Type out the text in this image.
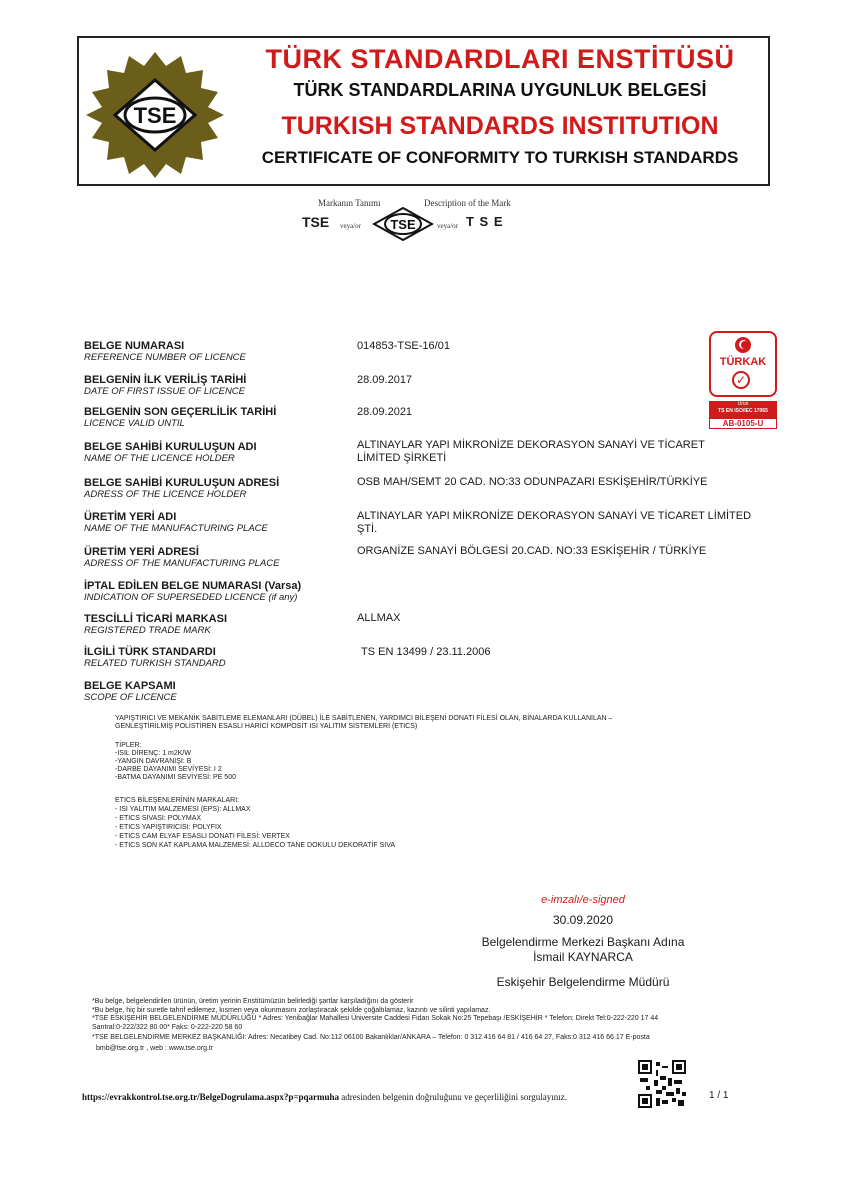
TSE
TÜRK STANDARDLARI ENSTİTÜSÜ
TÜRK STANDARDLARINA UYGUNLUK BELGESİ
TURKISH STANDARDS INSTITUTION
CERTIFICATE OF CONFORMITY TO TURKISH STANDARDS
Markanın Tanımı	Description of the Mark
TSE veya/or TSE	veya/or T S E
TÜRKAK
✓
Ürün
TS EN ISO/IEC 17065
AB-0105-U
BELGE NUMARASI
REFERENCE NUMBER OF LICENCE
014853-TSE-16/01
BELGENİN İLK VERİLİŞ TARİHİ
DATE OF FIRST ISSUE OF LICENCE
28.09.2017
BELGENİN SON GEÇERLİLİK TARİHİ
LICENCE VALID UNTIL
28.09.2021
BELGE SAHİBİ KURULUŞUN ADI
NAME OF THE LICENCE HOLDER
ALTINAYLAR YAPI MİKRONİZE DEKORASYON SANAYİ VE TİCARET LİMİTED ŞİRKETİ
BELGE SAHİBİ KURULUŞUN ADRESİ
ADRESS OF THE LICENCE HOLDER
OSB MAH/SEMT 20 CAD. NO:33 ODUNPAZARI ESKİŞEHİR/TÜRKİYE
ÜRETİM YERİ ADI
NAME OF THE MANUFACTURING PLACE
ALTINAYLAR YAPI MİKRONİZE DEKORASYON SANAYİ VE TİCARET LİMİTED ŞTİ.
ÜRETİM YERİ ADRESİ
ADRESS OF THE MANUFACTURING PLACE
ORGANİZE SANAYİ BÖLGESİ 20.CAD. NO:33 ESKİŞEHİR / TÜRKİYE
İPTAL EDİLEN BELGE NUMARASI (Varsa)
INDICATION OF SUPERSEDED LICENCE (if any)
TESCİLLİ TİCARİ MARKASI
REGISTERED TRADE MARK
ALLMAX
İLGİLİ TÜRK STANDARDI
RELATED TURKISH STANDARD
TS EN 13499 / 23.11.2006
BELGE KAPSAMI
SCOPE OF LICENCE
YAPIŞTIRICI VE MEKANİK SABİTLEME ELEMANLARI (DÜBEL) İLE SABİTLENEN, YARDIMCI BİLEŞENİ DONATI FİLESİ OLAN, BİNALARDA KULLANILAN –
GENLEŞTİRİLMİŞ POLİSTİREN ESASLI HARİCİ KOMPOSİT ISI YALITIM SİSTEMLERİ (ETICS)
TİPLER:
-ISIL DİRENÇ: 1 m2K/W
-YANGIN DAVRANIŞI: B
-DARBE DAYANIMI SEVİYESİ: I 2
-BATMA DAYANIMI SEVİYESİ: PE 500
ETICS BİLEŞENLERİNİN MARKALARI:
- ISI YALITIM MALZEMESİ (EPS): ALLMAX
- ETICS SIVASI: POLYMAX
- ETICS YAPIŞTIRICISI: POLYFIX
- ETICS CAM ELYAF ESASLI DONATI FİLESİ: VERTEX
- ETICS SON KAT KAPLAMA MALZEMESİ: ALLDECO TANE DOKULU DEKORATİF SIVA
e-imzalı/e-signed
30.09.2020
Belgelendirme Merkezi Başkanı Adına
İsmail KAYNARCA
Eskişehir Belgelendirme Müdürü
*Bu belge, belgelendirilen ürünün, üretim yerinin Enstitümüzün belirlediği şartlar karşıladığını da gösterir
*Bu belge, hiç bir suretle tahrif edilemez, kısmen veya okunmasını zorlaştıracak şekilde çoğaltılamaz, kazıntı ve silinti yapılamaz.
*TSE ESKİŞEHİR BELGELENDİRME MÜDÜRLÜĞÜ * Adres: Yenibağlar Mahallesi Üniversite Caddesi Fidan Sokak No:25 Tepebaşı /ESKİŞEHİR * Telefon: Direkt Tel:0-222-220 17 44
Santral:0-222/322 80 00* Faks: 0-222-220 58 60
*TSE BELGELENDİRME MERKEZ BAŞKANLIĞI: Adres: Necatibey Cad. No:112 06100 Bakanlıklar/ANKARA – Telefon: 0 312 416 64 81 / 416 64 27, Faks:0 312 416 66 17 E-posta
bmb@tse.org.tr , web : www.tse.org.tr
https://evrakkontrol.tse.org.tr/BelgeDogrulama.aspx?p=pqarmuha adresinden belgenin doğruluğunu ve geçerliliğini sorgulayınız.	1 / 1
